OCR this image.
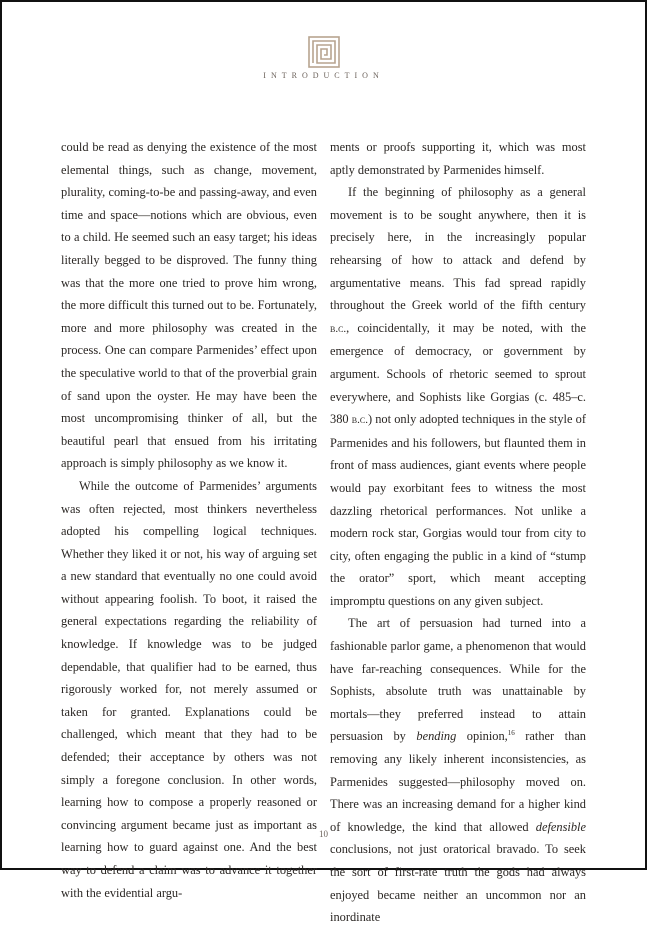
INTRODUCTION

could be read as denying the existence of the most elemental things, such as change, movement, plurality, coming-to-be and passing-away, and even time and space—notions which are obvious, even to a child. He seemed such an easy target; his ideas literally begged to be disproved. The funny thing was that the more one tried to prove him wrong, the more difficult this turned out to be. Fortunately, more and more philosophy was created in the process. One can compare Parmenides’ effect upon the speculative world to that of the proverbial grain of sand upon the oyster. He may have been the most uncompromising thinker of all, but the beautiful pearl that ensued from his irritating approach is simply philosophy as we know it.

While the outcome of Parmenides’ arguments was often rejected, most thinkers nevertheless adopted his compelling logical techniques. Whether they liked it or not, his way of arguing set a new standard that eventually no one could avoid without appearing foolish. To boot, it raised the general expectations regarding the reliability of knowledge. If knowledge was to be judged dependable, that qualifier had to be earned, thus rigorously worked for, not merely assumed or taken for granted. Explanations could be challenged, which meant that they had to be defended; their acceptance by others was not simply a foregone conclusion. In other words, learning how to compose a properly reasoned or convincing argument became just as important as learning how to guard against one. And the best way to defend a claim was to advance it together with the evidential argu-

ments or proofs supporting it, which was most aptly demonstrated by Parmenides himself.

If the beginning of philosophy as a general movement is to be sought anywhere, then it is precisely here, in the increasingly popular rehearsing of how to attack and defend by argumentative means. This fad spread rapidly throughout the Greek world of the fifth century b.c., coincidentally, it may be noted, with the emergence of democracy, or government by argument. Schools of rhetoric seemed to sprout everywhere, and Sophists like Gorgias (c. 485–c. 380 b.c.) not only adopted techniques in the style of Parmenides and his followers, but flaunted them in front of mass audiences, giant events where people would pay exorbitant fees to witness the most dazzling rhetorical performances. Not unlike a modern rock star, Gorgias would tour from city to city, often engaging the public in a kind of “stump the orator” sport, which meant accepting impromptu questions on any given subject.

The art of persuasion had turned into a fashionable parlor game, a phenomenon that would have far-reaching consequences. While for the Sophists, absolute truth was unattainable by mortals—they preferred instead to attain persuasion by bending opinion,$^{16}$ rather than removing any likely inherent inconsistencies, as Parmenides suggested—philosophy moved on. There was an increasing demand for a higher kind of knowledge, the kind that allowed defensible conclusions, not just oratorical bravado. To seek the sort of first-rate truth the gods had always enjoyed became neither an uncommon nor an inordinate

10
